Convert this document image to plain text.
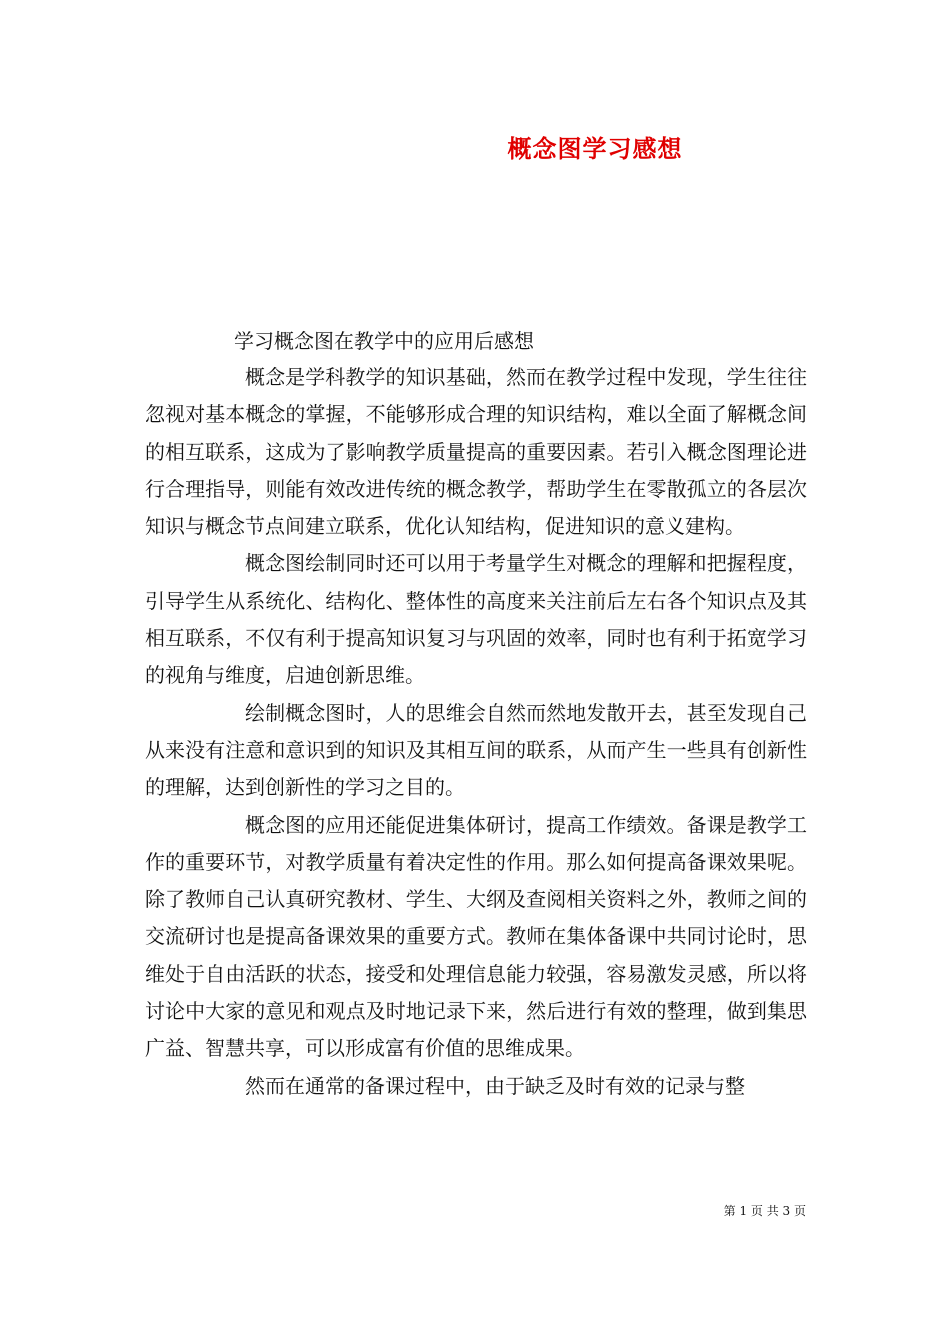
概念图学习感想
学习概念图在教学中的应用后感想

概念是学科教学的知识基础，然而在教学过程中发现，学生往往忽视对基本概念的掌握，不能够形成合理的知识结构，难以全面了解概念间的相互联系，这成为了影响教学质量提高的重要因素。若引入概念图理论进行合理指导，则能有效改进传统的概念教学，帮助学生在零散孤立的各层次知识与概念节点间建立联系，优化认知结构，促进知识的意义建构。

概念图绘制同时还可以用于考量学生对概念的理解和把握程度，引导学生从系统化、结构化、整体性的高度来关注前后左右各个知识点及其相互联系，不仅有利于提高知识复习与巩固的效率，同时也有利于拓宽学习的视角与维度，启迪创新思维。

绘制概念图时，人的思维会自然而然地发散开去，甚至发现自己从来没有注意和意识到的知识及其相互间的联系，从而产生一些具有创新性的理解，达到创新性的学习之目的。

概念图的应用还能促进集体研讨，提高工作绩效。备课是教学工作的重要环节，对教学质量有着决定性的作用。那么如何提高备课效果呢。除了教师自己认真研究教材、学生、大纲及查阅相关资料之外，教师之间的交流研讨也是提高备课效果的重要方式。教师在集体备课中共同讨论时，思维处于自由活跃的状态，接受和处理信息能力较强，容易激发灵感，所以将讨论中大家的意见和观点及时地记录下来，然后进行有效的整理，做到集思广益、智慧共享，可以形成富有价值的思维成果。

然而在通常的备课过程中，由于缺乏及时有效的记录与整

第 1 页 共 3 页
